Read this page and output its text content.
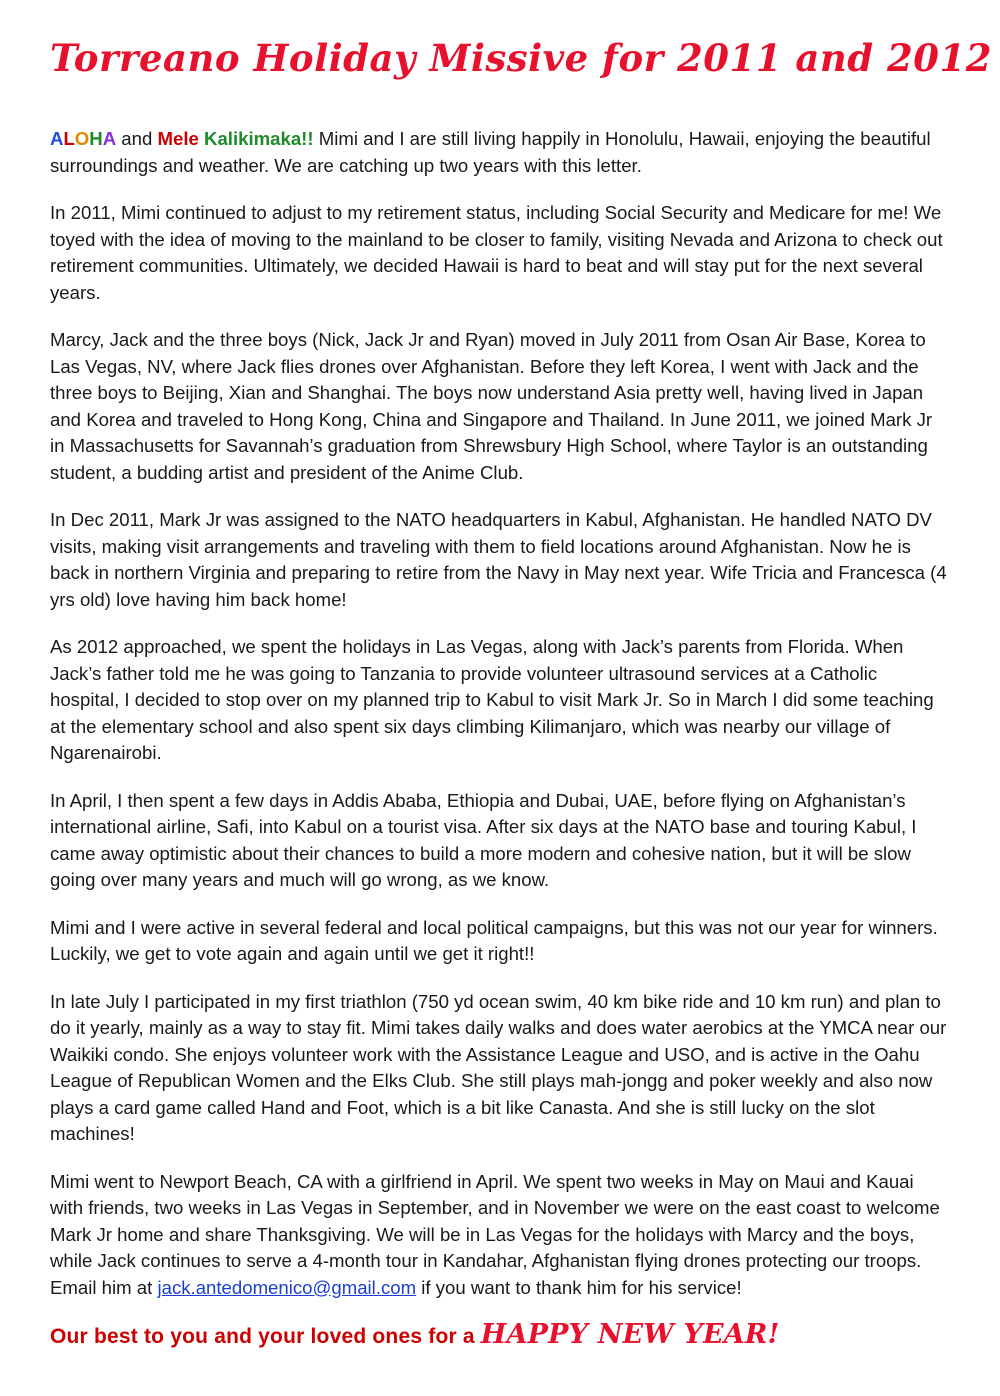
Torreano Holiday Missive for 2011 and 2012

ALOHA and Mele Kalikimaka!! Mimi and I are still living happily in Honolulu, Hawaii, enjoying the beautiful surroundings and weather. We are catching up two years with this letter.

In 2011, Mimi continued to adjust to my retirement status, including Social Security and Medicare for me! We toyed with the idea of moving to the mainland to be closer to family, visiting Nevada and Arizona to check out retirement communities. Ultimately, we decided Hawaii is hard to beat and will stay put for the next several years.

Marcy, Jack and the three boys (Nick, Jack Jr and Ryan) moved in July 2011 from Osan Air Base, Korea to Las Vegas, NV, where Jack flies drones over Afghanistan. Before they left Korea, I went with Jack and the three boys to Beijing, Xian and Shanghai. The boys now understand Asia pretty well, having lived in Japan and Korea and traveled to Hong Kong, China and Singapore and Thailand. In June 2011, we joined Mark Jr in Massachusetts for Savannah’s graduation from Shrewsbury High School, where Taylor is an outstanding student, a budding artist and president of the Anime Club.

In Dec 2011, Mark Jr was assigned to the NATO headquarters in Kabul, Afghanistan. He handled NATO DV visits, making visit arrangements and traveling with them to field locations around Afghanistan. Now he is back in northern Virginia and preparing to retire from the Navy in May next year. Wife Tricia and Francesca (4 yrs old) love having him back home!

As 2012 approached, we spent the holidays in Las Vegas, along with Jack’s parents from Florida. When Jack’s father told me he was going to Tanzania to provide volunteer ultrasound services at a Catholic hospital, I decided to stop over on my planned trip to Kabul to visit Mark Jr. So in March I did some teaching at the elementary school and also spent six days climbing Kilimanjaro, which was nearby our village of Ngarenairobi.

In April, I then spent a few days in Addis Ababa, Ethiopia and Dubai, UAE, before flying on Afghanistan’s international airline, Safi, into Kabul on a tourist visa. After six days at the NATO base and touring Kabul, I came away optimistic about their chances to build a more modern and cohesive nation, but it will be slow going over many years and much will go wrong, as we know.

Mimi and I were active in several federal and local political campaigns, but this was not our year for winners. Luckily, we get to vote again and again until we get it right!!

In late July I participated in my first triathlon (750 yd ocean swim, 40 km bike ride and 10 km run) and plan to do it yearly, mainly as a way to stay fit. Mimi takes daily walks and does water aerobics at the YMCA near our Waikiki condo. She enjoys volunteer work with the Assistance League and USO, and is active in the Oahu League of Republican Women and the Elks Club. She still plays mah-jongg and poker weekly and also now plays a card game called Hand and Foot, which is a bit like Canasta. And she is still lucky on the slot machines!

Mimi went to Newport Beach, CA with a girlfriend in April. We spent two weeks in May on Maui and Kauai with friends, two weeks in Las Vegas in September, and in November we were on the east coast to welcome Mark Jr home and share Thanksgiving. We will be in Las Vegas for the holidays with Marcy and the boys, while Jack continues to serve a 4-month tour in Kandahar, Afghanistan flying drones protecting our troops. Email him at jack.antedomenico@gmail.com if you want to thank him for his service!

Our best to you and your loved ones for a HAPPY NEW YEAR!
